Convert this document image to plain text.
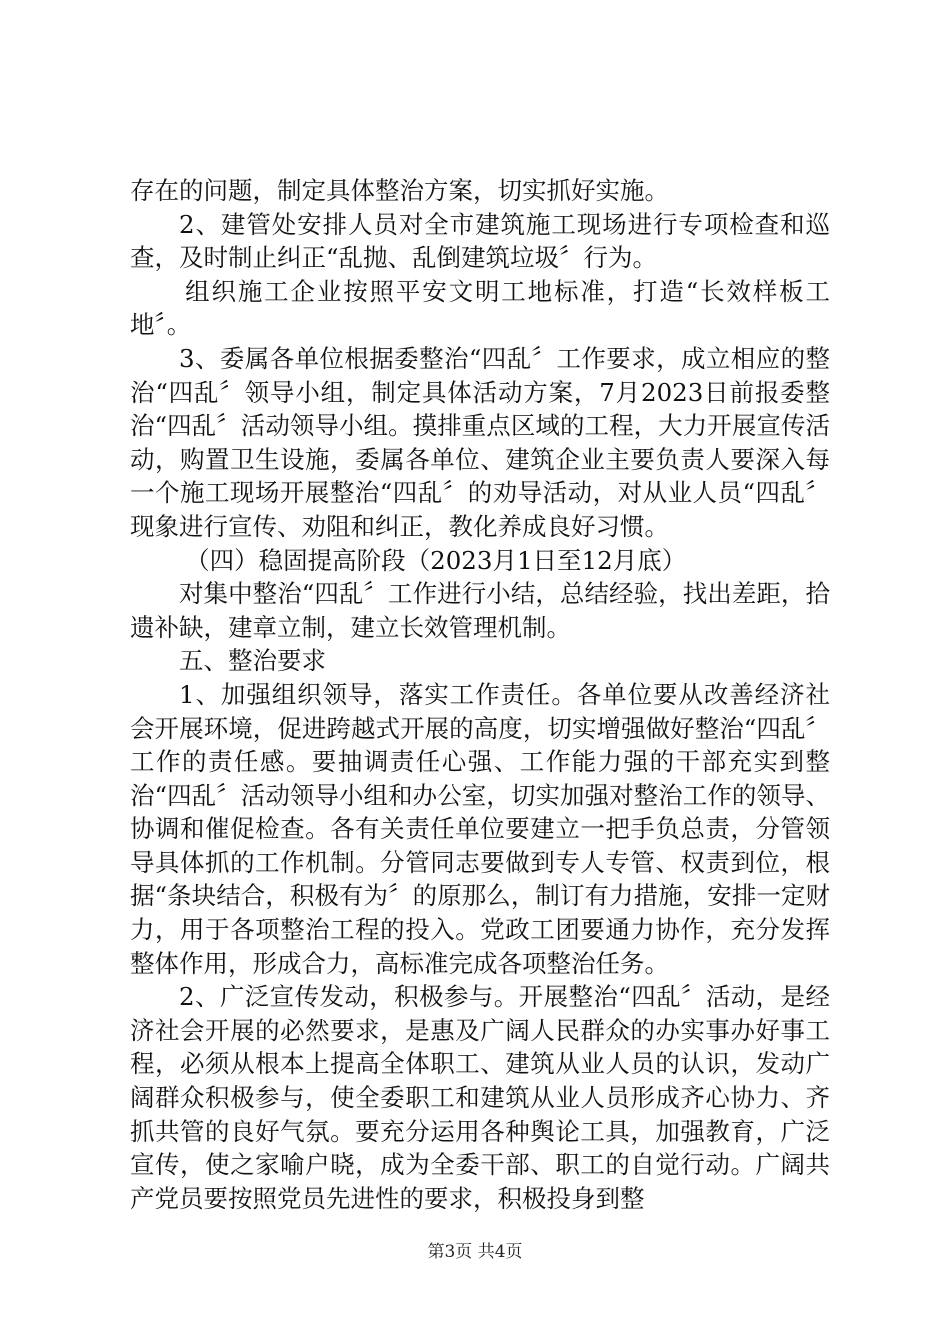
存在的问题，制定具体整治方案，切实抓好实施。

2、建管处安排人员对全市建筑施工现场进行专项检查和巡查，及时制止纠正“乱抛、乱倒建筑垃圾〞行为。

组织施工企业按照平安文明工地标准，打造“长效样板工地〞。

3、委属各单位根据委整治“四乱〞工作要求，成立相应的整治“四乱〞领导小组，制定具体活动方案，7月2023日前报委整治“四乱〞活动领导小组。摸排重点区域的工程，大力开展宣传活动，购置卫生设施，委属各单位、建筑企业主要负责人要深入每一个施工现场开展整治“四乱〞的劝导活动，对从业人员“四乱〞现象进行宣传、劝阻和纠正，教化养成良好习惯。

（四）稳固提高阶段（2023月1日至12月底）

对集中整治“四乱〞工作进行小结，总结经验，找出差距，拾遗补缺，建章立制，建立长效管理机制。

五、整治要求

1、加强组织领导，落实工作责任。各单位要从改善经济社会开展环境，促进跨越式开展的高度，切实增强做好整治“四乱〞工作的责任感。要抽调责任心强、工作能力强的干部充实到整治“四乱〞活动领导小组和办公室，切实加强对整治工作的领导、协调和催促检查。各有关责任单位要建立一把手负总责，分管领导具体抓的工作机制。分管同志要做到专人专管、权责到位，根据“条块结合，积极有为〞的原那么，制订有力措施，安排一定财力，用于各项整治工程的投入。党政工团要通力协作，充分发挥整体作用，形成合力，高标准完成各项整治任务。

2、广泛宣传发动，积极参与。开展整治“四乱〞活动，是经济社会开展的必然要求，是惠及广阔人民群众的办实事办好事工程，必须从根本上提高全体职工、建筑从业人员的认识，发动广阔群众积极参与，使全委职工和建筑从业人员形成齐心协力、齐抓共管的良好气氛。要充分运用各种舆论工具，加强教育，广泛宣传，使之家喻户晓，成为全委干部、职工的自觉行动。广阔共产党员要按照党员先进性的要求，积极投身到整

第3页 共4页
